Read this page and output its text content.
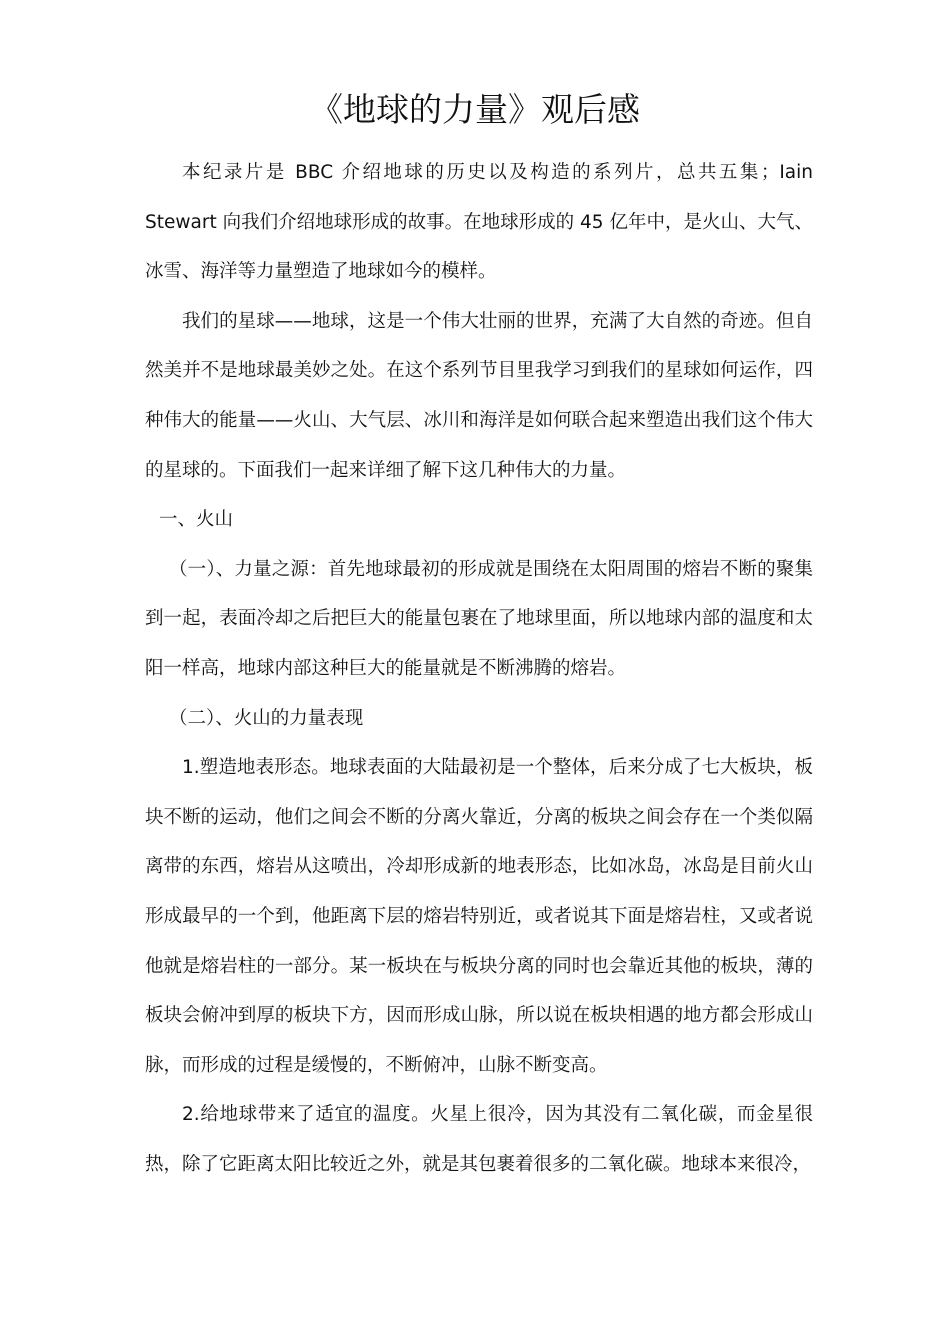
《地球的力量》观后感

本纪录片是 BBC 介绍地球的历史以及构造的系列片，总共五集；Iain Stewart 向我们介绍地球形成的故事。在地球形成的 45 亿年中，是火山、大气、冰雪、海洋等力量塑造了地球如今的模样。

我们的星球——地球，这是一个伟大壮丽的世界，充满了大自然的奇迹。但自然美并不是地球最美妙之处。在这个系列节目里我学习到我们的星球如何运作，四种伟大的能量——火山、大气层、冰川和海洋是如何联合起来塑造出我们这个伟大的星球的。下面我们一起来详细了解下这几种伟大的力量。

一、火山

（一）、力量之源：首先地球最初的形成就是围绕在太阳周围的熔岩不断的聚集到一起，表面冷却之后把巨大的能量包裹在了地球里面，所以地球内部的温度和太阳一样高，地球内部这种巨大的能量就是不断沸腾的熔岩。

（二）、火山的力量表现

1.塑造地表形态。地球表面的大陆最初是一个整体，后来分成了七大板块，板块不断的运动，他们之间会不断的分离火靠近，分离的板块之间会存在一个类似隔离带的东西，熔岩从这喷出，冷却形成新的地表形态，比如冰岛，冰岛是目前火山形成最早的一个到，他距离下层的熔岩特别近，或者说其下面是熔岩柱，又或者说他就是熔岩柱的一部分。某一板块在与板块分离的同时也会靠近其他的板块，薄的板块会俯冲到厚的板块下方，因而形成山脉，所以说在板块相遇的地方都会形成山脉，而形成的过程是缓慢的，不断俯冲，山脉不断变高。

2.给地球带来了适宜的温度。火星上很冷，因为其没有二氧化碳，而金星很热，除了它距离太阳比较近之外，就是其包裹着很多的二氧化碳。地球本来很冷，
